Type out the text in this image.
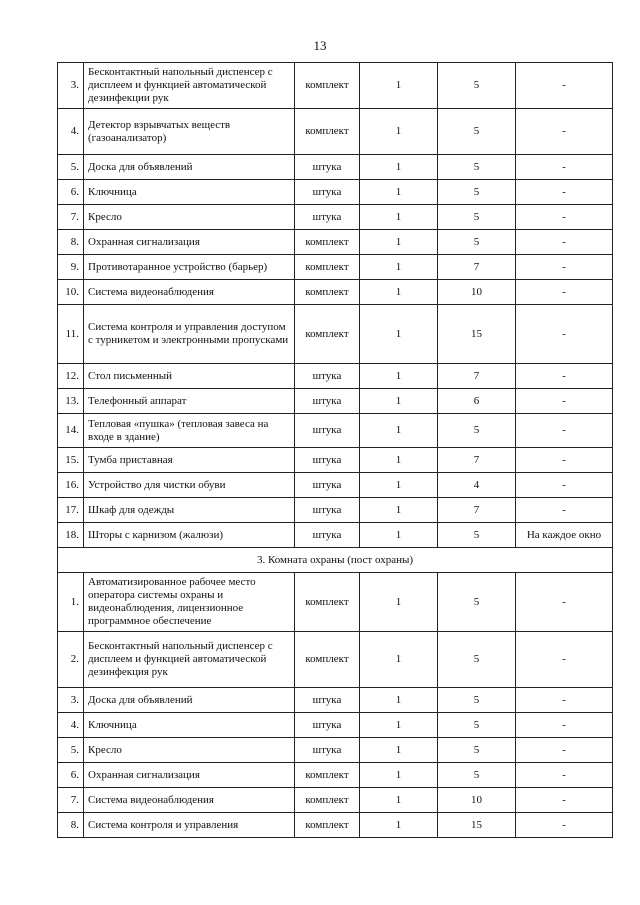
13
3.	Бесконтактный напольный диспенсер с дисплеем и функцией автоматической дезинфекции рук	комплект	1	5	-
4.	Детектор взрывчатых веществ (газоанализатор)	комплект	1	5	-
5.	Доска для объявлений	штука	1	5	-
6.	Ключница	штука	1	5	-
7.	Кресло	штука	1	5	-
8.	Охранная сигнализация	комплект	1	5	-
9.	Противотаранное устройство (барьер)	комплект	1	7	-
10.	Система видеонаблюдения	комплект	1	10	-
11.	Система контроля и управления доступом с турникетом и электронными пропусками	комплект	1	15	-
12.	Стол письменный	штука	1	7	-
13.	Телефонный аппарат	штука	1	6	-
14.	Тепловая «пушка» (тепловая завеса на входе в здание)	штука	1	5	-
15.	Тумба приставная	штука	1	7	-
16.	Устройство для чистки обуви	штука	1	4	-
17.	Шкаф для одежды	штука	1	7	-
18.	Шторы с карнизом (жалюзи)	штука	1	5	На каждое окно
3. Комната охраны (пост охраны)					
1.	Автоматизированное рабочее место оператора системы охраны и видеонаблюдения, лицензионное программное обеспечение	комплект	1	5	-
2.	Бесконтактный напольный диспенсер с дисплеем и функцией автоматической дезинфекция рук	комплект	1	5	-
3.	Доска для объявлений	штука	1	5	-
4.	Ключница	штука	1	5	-
5.	Кресло	штука	1	5	-
6.	Охранная сигнализация	комплект	1	5	-
7.	Система видеонаблюдения	комплект	1	10	-
8.	Система контроля и управления	комплект	1	15	-
